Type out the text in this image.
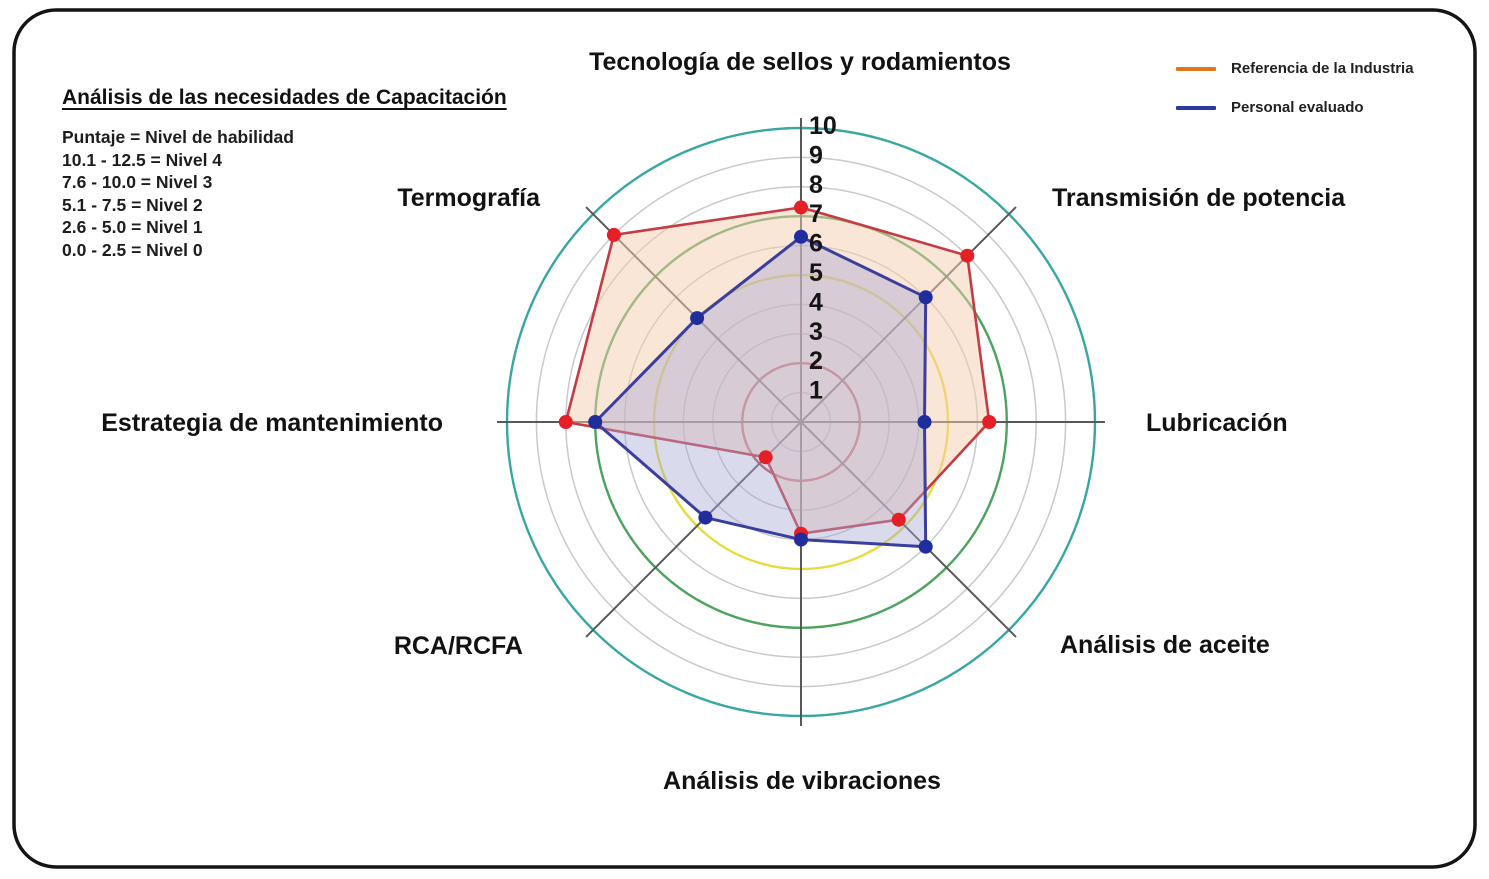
1
2
3
4
5
6
7
8
9
10
Tecnología de sellos y rodamientos
Transmisión de potencia
Lubricación
Análisis de aceite
Análisis de vibraciones
RCA/RCFA
Estrategia de mantenimiento
Termografía
Análisis de las necesidades de Capacitación
Puntaje = Nivel de habilidad
10.1 - 12.5 = Nivel 4
7.6 - 10.0 = Nivel 3
5.1 - 7.5 = Nivel 2
2.6 - 5.0 = Nivel 1
0.0 - 2.5 = Nivel 0
Referencia de la Industria
Personal evaluado
